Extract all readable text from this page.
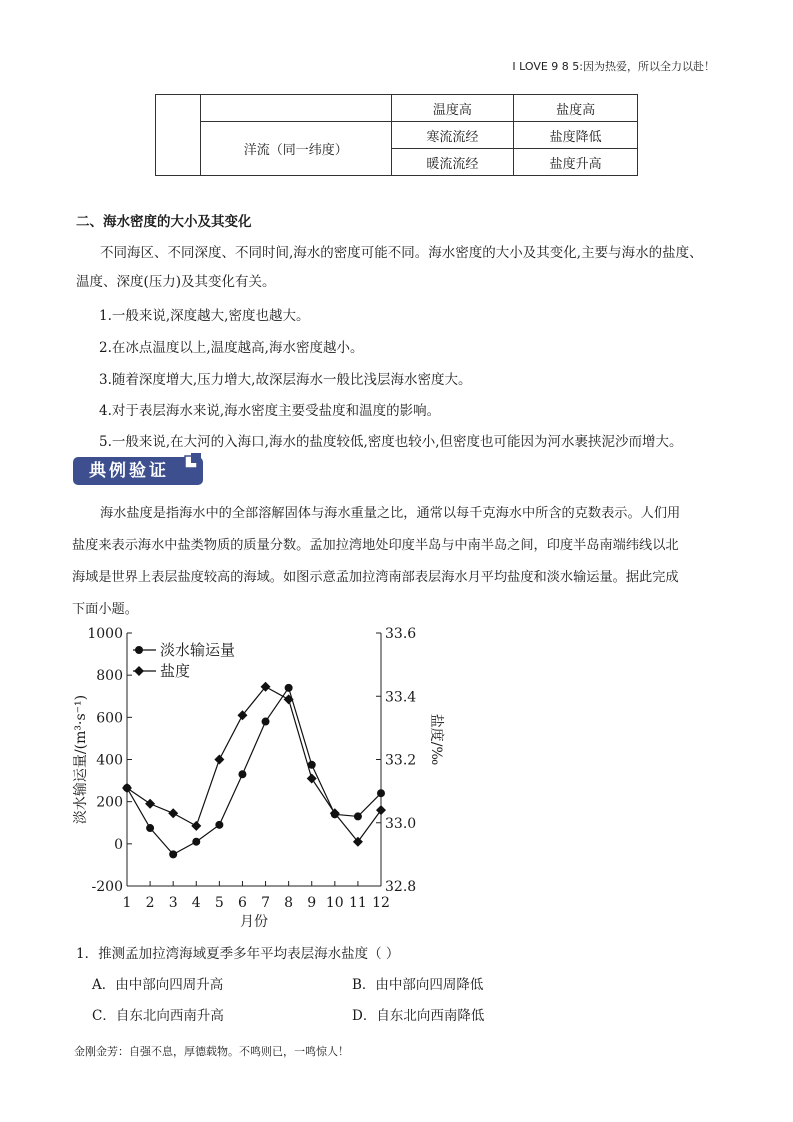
I LOVE 9 8 5:因为热爱，所以全力以赴！
		温度高	盐度高
	洋流（同一纬度）	寒流流经	盐度降低
		暖流流经	盐度升高
二、海水密度的大小及其变化
不同海区、不同深度、不同时间,海水的密度可能不同。海水密度的大小及其变化,主要与海水的盐度、
温度、深度(压力)及其变化有关。
1.一般来说,深度越大,密度也越大。
2.在冰点温度以上,温度越高,海水密度越小。
3.随着深度增大,压力增大,故深层海水一般比浅层海水密度大。
4.对于表层海水来说,海水密度主要受盐度和温度的影响。
5.一般来说,在大河的入海口,海水的盐度较低,密度也较小,但密度也可能因为河水裹挟泥沙而增大。
典例验证
海水盐度是指海水中的全部溶解固体与海水重量之比，通常以每千克海水中所含的克数表示。人们用
盐度来表示海水中盐类物质的质量分数。孟加拉湾地处印度半岛与中南半岛之间，印度半岛南端纬线以北
海域是世界上表层盐度较高的海域。如图示意孟加拉湾南部表层海水月平均盐度和淡水输运量。据此完成
下面小题。
-200
0
200
400
600
800
1000
32.8
33.0
33.2
33.4
33.6
1 2 3 4 5 6 7 8 9 10 11 12
月份
淡水输运量/(m³·s⁻¹)	盐度/‰
淡水输运量
盐度
1．推测孟加拉湾海域夏季多年平均表层海水盐度（ ）
A．由中部向四周升高	B．由中部向四周降低
C．自东北向西南升高	D．自东北向西南降低
金刚金芳：自强不息，厚德载物。不鸣则已，一鸣惊人！
